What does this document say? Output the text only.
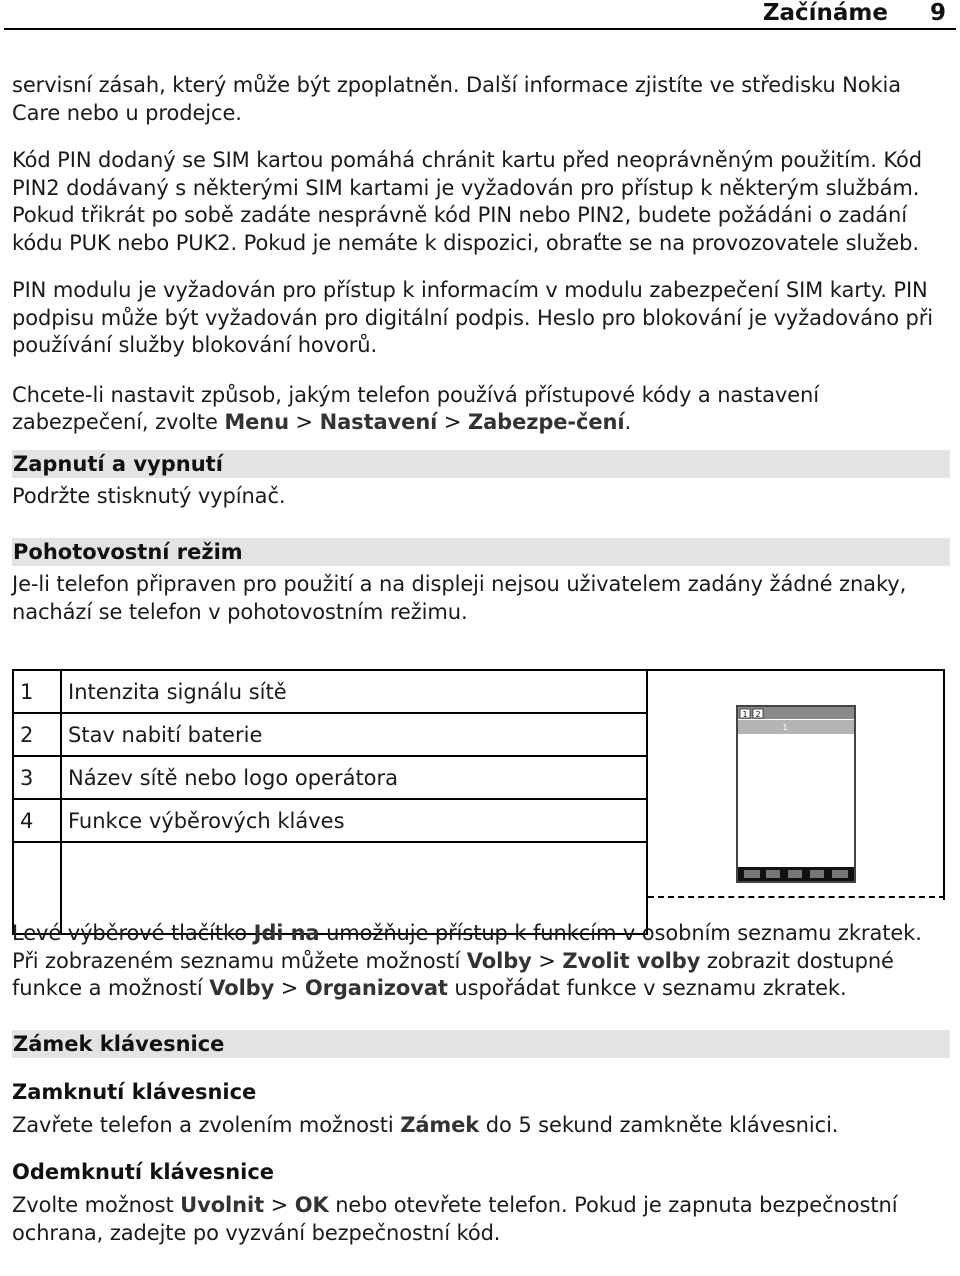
Začínáme 9

servisní zásah, který může být zpoplatněn. Další informace zjistíte ve středisku Nokia Care nebo u prodejce.

Kód PIN dodaný se SIM kartou pomáhá chránit kartu před neoprávněným použitím. Kód PIN2 dodávaný s některými SIM kartami je vyžadován pro přístup k některým službám. Pokud třikrát po sobě zadáte nesprávně kód PIN nebo PIN2, budete požádáni o zadání kódu PUK nebo PUK2. Pokud je nemáte k dispozici, obraťte se na provozovatele služeb.

PIN modulu je vyžadován pro přístup k informacím v modulu zabezpečení SIM karty. PIN podpisu může být vyžadován pro digitální podpis. Heslo pro blokování je vyžadováno při používání služby blokování hovorů.

Chcete-li nastavit způsob, jakým telefon používá přístupové kódy a nastavení zabezpečení, zvolte Menu > Nastavení > Zabezpe-čení.

Zapnutí a vypnutí

Podržte stisknutý vypínač.

Pohotovostní režim

Je-li telefon připraven pro použití a na displeji nejsou uživatelem zadány žádné znaky, nachází se telefon v pohotovostním režimu.

1	Intenzita signálu sítě
2	Stav nabití baterie
3	Název sítě nebo logo operátora
4	Funkce výběrových kláves

1 2
1

Levé výběrové tlačítko Jdi na umožňuje přístup k funkcím v osobním seznamu zkratek. Při zobrazeném seznamu můžete možností Volby > Zvolit volby zobrazit dostupné funkce a možností Volby > Organizovat uspořádat funkce v seznamu zkratek.

Zámek klávesnice
Zamknutí klávesnice

Zavřete telefon a zvolením možnosti Zámek do 5 sekund zamkněte klávesnici.

Odemknutí klávesnice

Zvolte možnost Uvolnit > OK nebo otevřete telefon. Pokud je zapnuta bezpečnostní ochrana, zadejte po vyzvání bezpečnostní kód.
